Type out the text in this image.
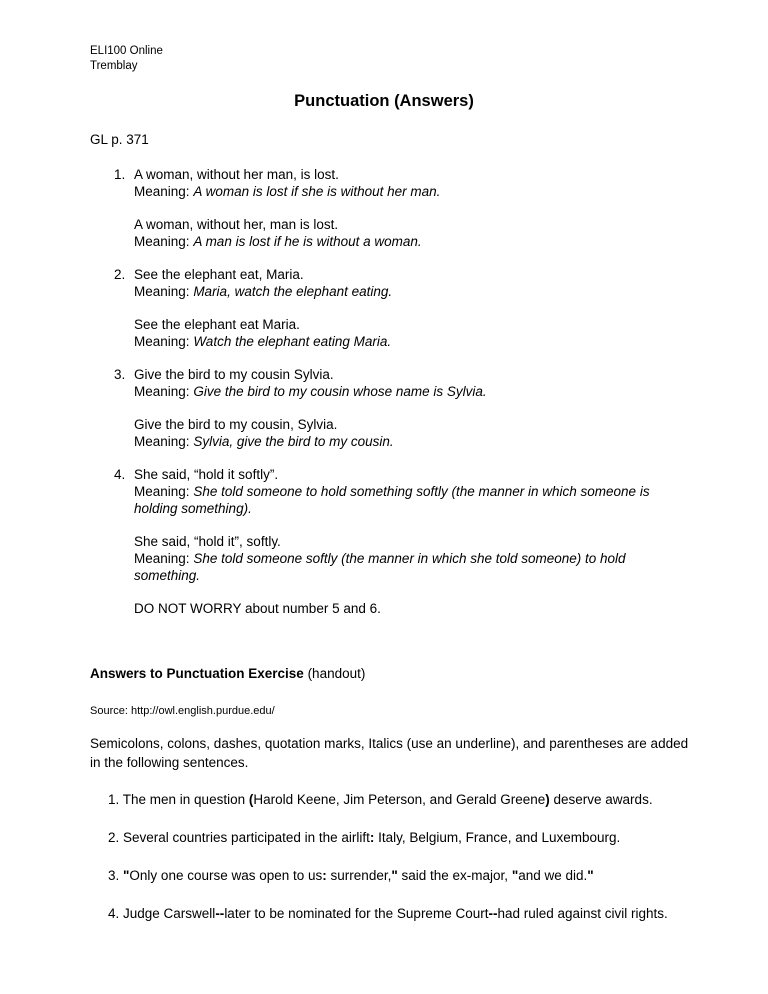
ELI100 Online
Tremblay
Punctuation (Answers)
GL p. 371
1. A woman, without her man, is lost.

Meaning: A woman is lost if she is without her man.

A woman, without her, man is lost.

Meaning: A man is lost if he is without a woman.

2. See the elephant eat, Maria.

Meaning: Maria, watch the elephant eating.

See the elephant eat Maria.

Meaning: Watch the elephant eating Maria.

3. Give the bird to my cousin Sylvia.

Meaning: Give the bird to my cousin whose name is Sylvia.

Give the bird to my cousin, Sylvia.

Meaning: Sylvia, give the bird to my cousin.

4. She said, “hold it softly”.

Meaning: She told someone to hold something softly (the manner in which someone is holding something).

She said, “hold it”, softly.

Meaning: She told someone softly (the manner in which she told someone) to hold something.

DO NOT WORRY about number 5 and 6.
Answers to Punctuation Exercise (handout)
Source: http://owl.english.purdue.edu/
Semicolons, colons, dashes, quotation marks, Italics (use an underline), and parentheses are added in the following sentences.
1. The men in question (Harold Keene, Jim Peterson, and Gerald Greene) deserve awards.
2. Several countries participated in the airlift: Italy, Belgium, France, and Luxembourg.
3. "Only one course was open to us: surrender," said the ex-major, "and we did."
4. Judge Carswell--later to be nominated for the Supreme Court--had ruled against civil rights.
